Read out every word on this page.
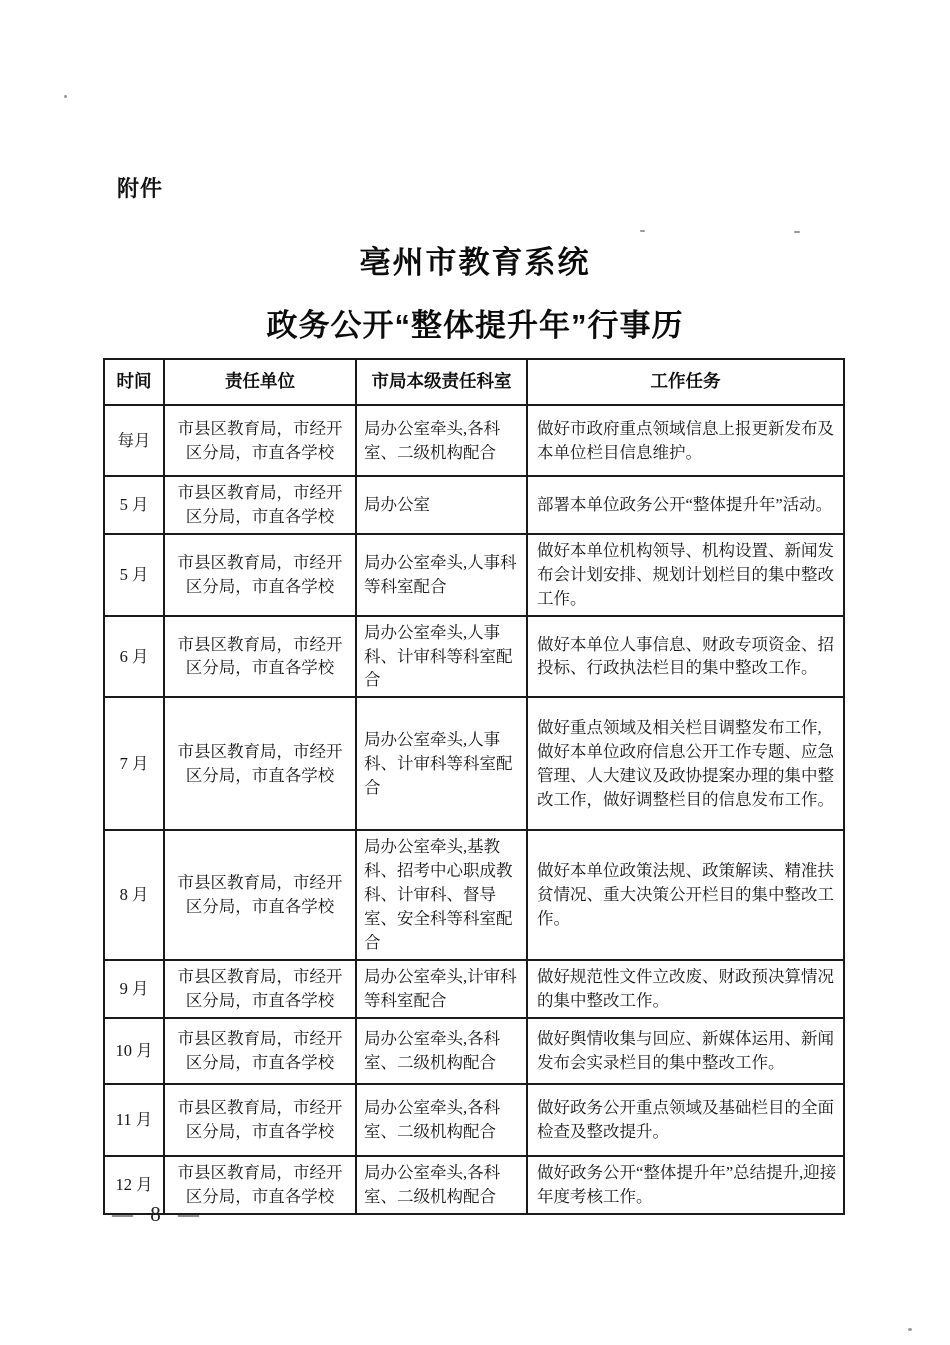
附件
亳州市教育系统
政务公开“整体提升年”行事历
时间	责任单位	市局本级责任科室	工作任务
每月	市县区教育局，市经开区分局，市直各学校	局办公室牵头,各科室、二级机构配合	做好市政府重点领域信息上报更新发布及本单位栏目信息维护。
5 月	市县区教育局，市经开区分局，市直各学校	局办公室	部署本单位政务公开“整体提升年”活动。
5 月	市县区教育局，市经开区分局，市直各学校	局办公室牵头,人事科等科室配合	做好本单位机构领导、机构设置、新闻发布会计划安排、规划计划栏目的集中整改工作。
6 月	市县区教育局，市经开区分局，市直各学校	局办公室牵头,人事科、计审科等科室配合	做好本单位人事信息、财政专项资金、招投标、行政执法栏目的集中整改工作。
7 月	市县区教育局，市经开区分局，市直各学校	局办公室牵头,人事科、计审科等科室配合	做好重点领域及相关栏目调整发布工作,做好本单位政府信息公开工作专题、应急管理、人大建议及政协提案办理的集中整改工作，做好调整栏目的信息发布工作。
8 月	市县区教育局，市经开区分局，市直各学校	局办公室牵头,基教科、招考中心职成教科、计审科、督导室、安全科等科室配合	做好本单位政策法规、政策解读、精准扶贫情况、重大决策公开栏目的集中整改工作。
9 月	市县区教育局，市经开区分局，市直各学校	局办公室牵头,计审科等科室配合	做好规范性文件立改废、财政预决算情况的集中整改工作。
10 月	市县区教育局，市经开区分局，市直各学校	局办公室牵头,各科室、二级机构配合	做好舆情收集与回应、新媒体运用、新闻发布会实录栏目的集中整改工作。
11 月	市县区教育局，市经开区分局，市直各学校	局办公室牵头,各科室、二级机构配合	做好政务公开重点领域及基础栏目的全面检查及整改提升。
12 月	市县区教育局，市经开区分局，市直各学校	局办公室牵头,各科室、二级机构配合	做好政务公开“整体提升年”总结提升,迎接年度考核工作。
— 8 —
